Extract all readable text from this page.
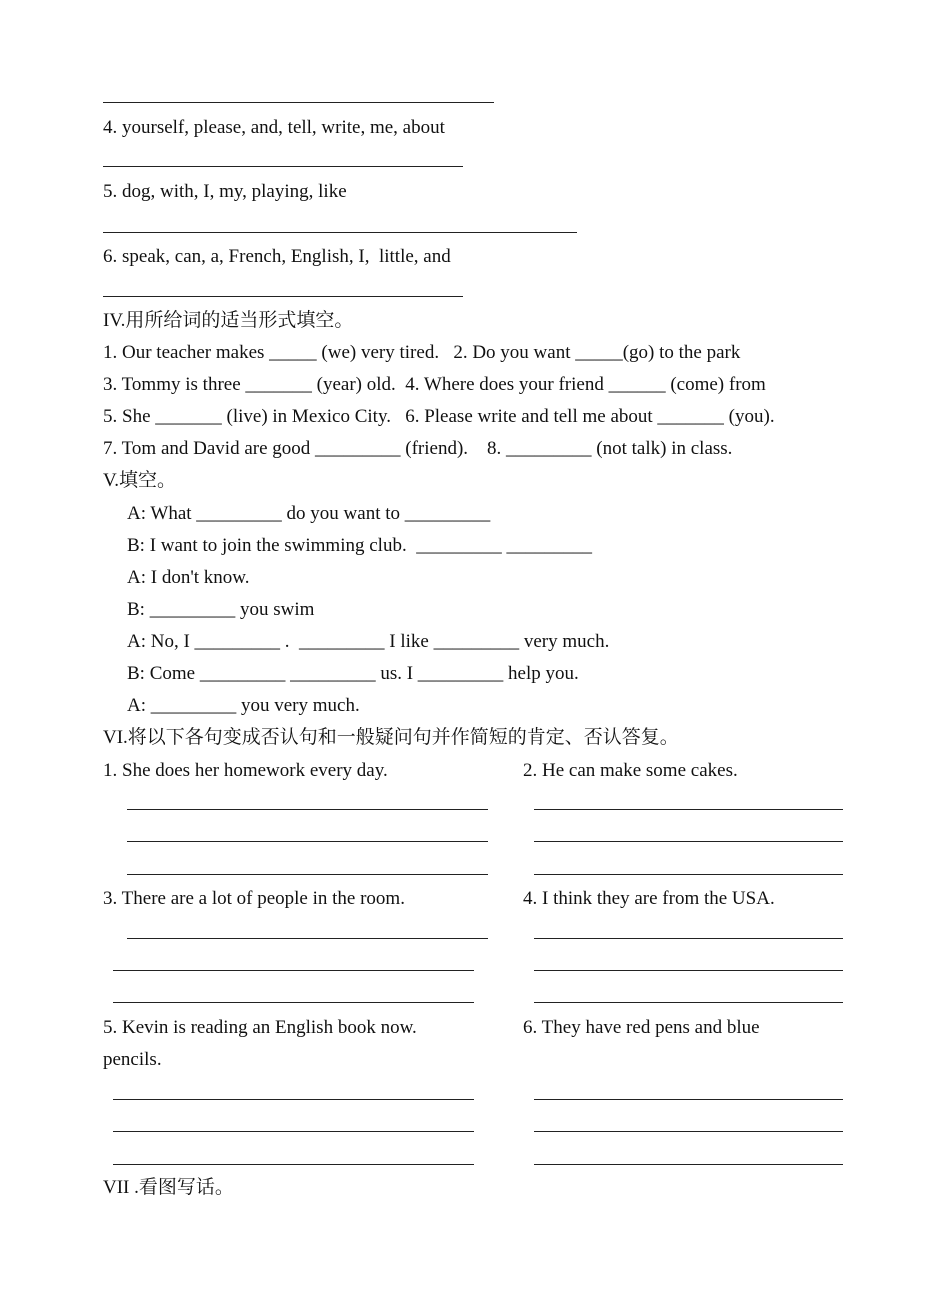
4. yourself, please, and, tell, write, me, about
5. dog, with, I, my, playing, like
6. speak, can, a, French, English, I,  little, and
IV.用所给词的适当形式填空。
1. Our teacher makes _____ (we) very tired.   2. Do you want _____(go) to the park
3. Tommy is three _______ (year) old.  4. Where does your friend ______ (come) from
5. She _______ (live) in Mexico City.   6. Please write and tell me about _______ (you).
7. Tom and David are good _________ (friend).    8. _________ (not talk) in class.
V.填空。
A: What _________ do you want to _________
B: I want to join the swimming club.  _________ _________
A: I don't know.
B: _________ you swim
A: No, I _________ .  _________ I like _________ very much.
B: Come _________ _________ us. I _________ help you.
A: _________ you very much.
VI.将以下各句变成否认句和一般疑问句并作简短的肯定、否认答复。
1. She does her homework every day.	2. He can make some cakes.
3. There are a lot of people in the room.	4. I think they are from the USA.
5. Kevin is reading an English book now.	6. They have red pens and blue
pencils.
VII .看图写话。
